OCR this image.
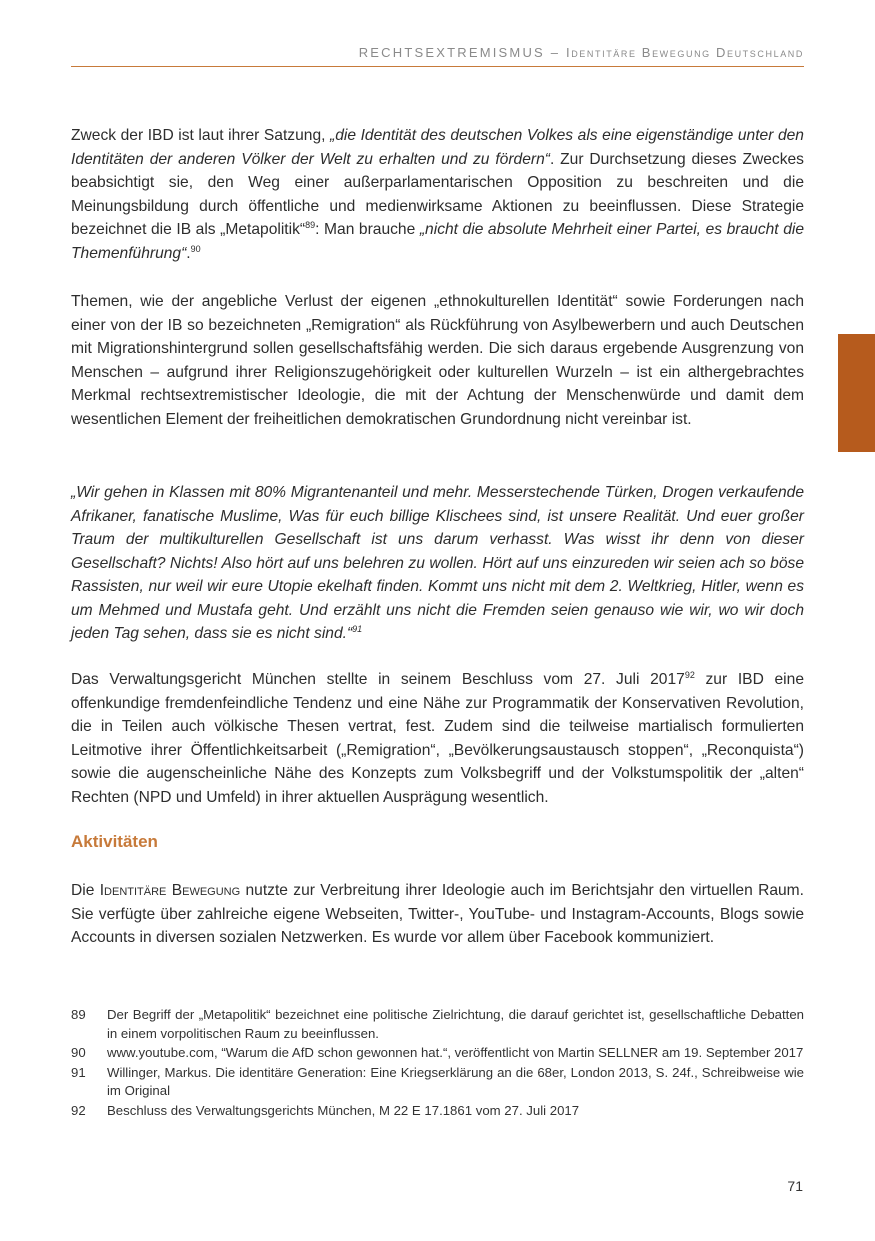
RECHTSEXTREMISMUS – Identitäre Bewegung Deutschland

Zweck der IBD ist laut ihrer Satzung, „die Identität des deutschen Volkes als eine eigenständige unter den Identitäten der anderen Völker der Welt zu erhalten und zu fördern“. Zur Durchsetzung dieses Zweckes beabsichtigt sie, den Weg einer außerparlamentarischen Opposition zu beschreiten und die Meinungsbildung durch öffentliche und medienwirksame Aktionen zu beeinflussen. Diese Strategie bezeichnet die IB als „Metapolitik“$^{89}$: Man brauche „nicht die absolute Mehrheit einer Partei, es braucht die Themenführung“.$^{90}$

Themen, wie der angebliche Verlust der eigenen „ethnokulturellen Identität“ sowie Forderungen nach einer von der IB so bezeichneten „Remigration“ als Rückführung von Asylbewerbern und auch Deutschen mit Migrationshintergrund sollen gesellschaftsfähig werden. Die sich daraus ergebende Ausgrenzung von Menschen – aufgrund ihrer Religionszugehörigkeit oder kulturellen Wurzeln – ist ein althergebrachtes Merkmal rechtsextremistischer Ideologie, die mit der Achtung der Menschenwürde und damit dem wesentlichen Element der freiheitlichen demokratischen Grundordnung nicht vereinbar ist.

„Wir gehen in Klassen mit 80% Migrantenanteil und mehr. Messerstechende Türken, Drogen verkaufende Afrikaner, fanatische Muslime, Was für euch billige Klischees sind, ist unsere Realität. Und euer großer Traum der multikulturellen Gesellschaft ist uns darum verhasst. Was wisst ihr denn von dieser Gesellschaft? Nichts! Also hört auf uns belehren zu wollen. Hört auf uns einzureden wir seien ach so böse Rassisten, nur weil wir eure Utopie ekelhaft finden. Kommt uns nicht mit dem 2. Weltkrieg, Hitler, wenn es um Mehmed und Mustafa geht. Und erzählt uns nicht die Fremden seien genauso wie wir, wo wir doch jeden Tag sehen, dass sie es nicht sind.“$^{91}$

Das Verwaltungsgericht München stellte in seinem Beschluss vom 27. Juli 2017$^{92}$ zur IBD eine offenkundige fremdenfeindliche Tendenz und eine Nähe zur Programmatik der Konservativen Revolution, die in Teilen auch völkische Thesen vertrat, fest. Zudem sind die teilweise martialisch formulierten Leitmotive ihrer Öffentlichkeitsarbeit („Remigration“, „Bevölkerungsaustausch stoppen“, „Reconquista“) sowie die augenscheinliche Nähe des Konzepts zum Volksbegriff und der Volkstumspolitik der „alten“ Rechten (NPD und Umfeld) in ihrer aktuellen Ausprägung wesentlich.

Aktivitäten

Die Identitäre Bewegung nutzte zur Verbreitung ihrer Ideologie auch im Berichtsjahr den virtuellen Raum. Sie verfügte über zahlreiche eigene Webseiten, Twitter-, YouTube- und Instagram-Accounts, Blogs sowie Accounts in diversen sozialen Netzwerken. Es wurde vor allem über Facebook kommuniziert.

89	Der Begriff der „Metapolitik“ bezeichnet eine politische Zielrichtung, die darauf gerichtet ist, gesellschaftliche Debatten in einem vorpolitischen Raum zu beeinflussen.
90	www.youtube.com, “Warum die AfD schon gewonnen hat.“, veröffentlicht von Martin SELLNER am 19. September 2017
91	Willinger, Markus. Die identitäre Generation: Eine Kriegserklärung an die 68er, London 2013, S. 24f., Schreibweise wie im Original
92	Beschluss des Verwaltungsgerichts München, M 22 E 17.1861 vom 27. Juli 2017
71
